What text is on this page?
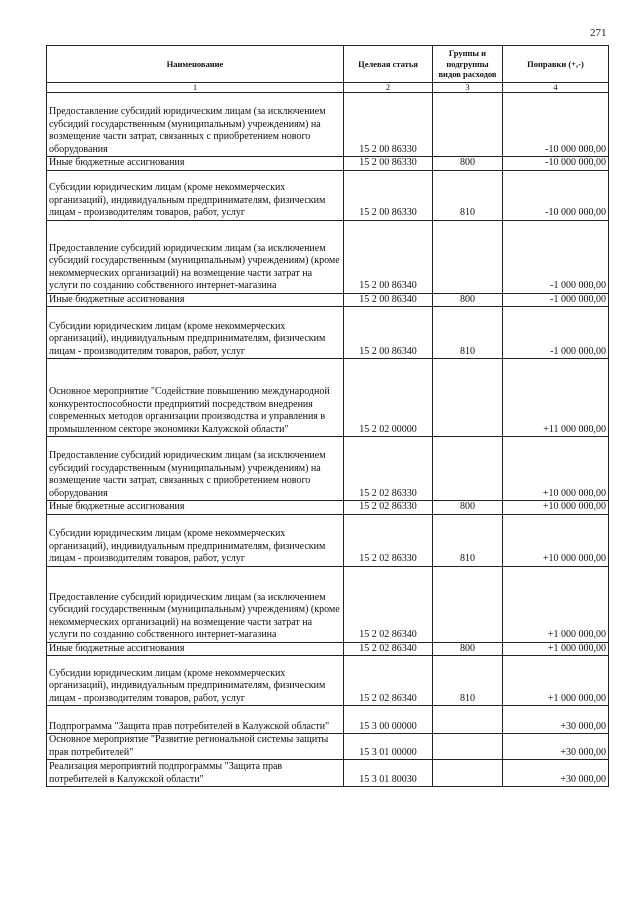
271
Наименование	Целевая статья	Группы и подгруппы видов расходов	Поправки (+,-)
1	2	3	4
Предоставление субсидий юридическим лицам (за исключением субсидий государственным (муниципальным) учреждениям) на возмещение части затрат, связанных с приобретением нового оборудования	15 2 00 86330		-10 000 000,00
Иные бюджетные ассигнования	15 2 00 86330	800	-10 000 000,00
Субсидии юридическим лицам (кроме некоммерческих организаций), индивидуальным предпринимателям, физическим лицам - производителям товаров, работ, услуг	15 2 00 86330	810	-10 000 000,00
Предоставление субсидий юридическим лицам (за исключением субсидий государственным (муниципальным) учреждениям) (кроме некоммерческих организаций) на возмещение части затрат на услуги по созданию собственного интернет-магазина	15 2 00 86340		-1 000 000,00
Иные бюджетные ассигнования	15 2 00 86340	800	-1 000 000,00
Субсидии юридическим лицам (кроме некоммерческих организаций), индивидуальным предпринимателям, физическим лицам - производителям товаров, работ, услуг	15 2 00 86340	810	-1 000 000,00
Основное мероприятие "Содействие повышению международной конкурентоспособности предприятий посредством внедрения современных методов организации производства и управления в промышленном секторе экономики Калужской области"	15 2 02 00000		+11 000 000,00
Предоставление субсидий юридическим лицам (за исключением субсидий государственным (муниципальным) учреждениям) на возмещение части затрат, связанных с приобретением нового оборудования	15 2 02 86330		+10 000 000,00
Иные бюджетные ассигнования	15 2 02 86330	800	+10 000 000,00
Субсидии юридическим лицам (кроме некоммерческих организаций), индивидуальным предпринимателям, физическим лицам - производителям товаров, работ, услуг	15 2 02 86330	810	+10 000 000,00
Предоставление субсидий юридическим лицам (за исключением субсидий государственным (муниципальным) учреждениям) (кроме некоммерческих организаций) на возмещение части затрат на услуги по созданию собственного интернет-магазина	15 2 02 86340		+1 000 000,00
Иные бюджетные ассигнования	15 2 02 86340	800	+1 000 000,00
Субсидии юридическим лицам (кроме некоммерческих организаций), индивидуальным предпринимателям, физическим лицам - производителям товаров, работ, услуг	15 2 02 86340	810	+1 000 000,00
Подпрограмма "Защита прав потребителей в Калужской области"	15 3 00 00000		+30 000,00
Основное мероприятие "Развитие региональной системы защиты прав потребителей"	15 3 01 00000		+30 000,00
Реализация мероприятий подпрограммы "Защита прав потребителей в Калужской области"	15 3 01 80030		+30 000,00
